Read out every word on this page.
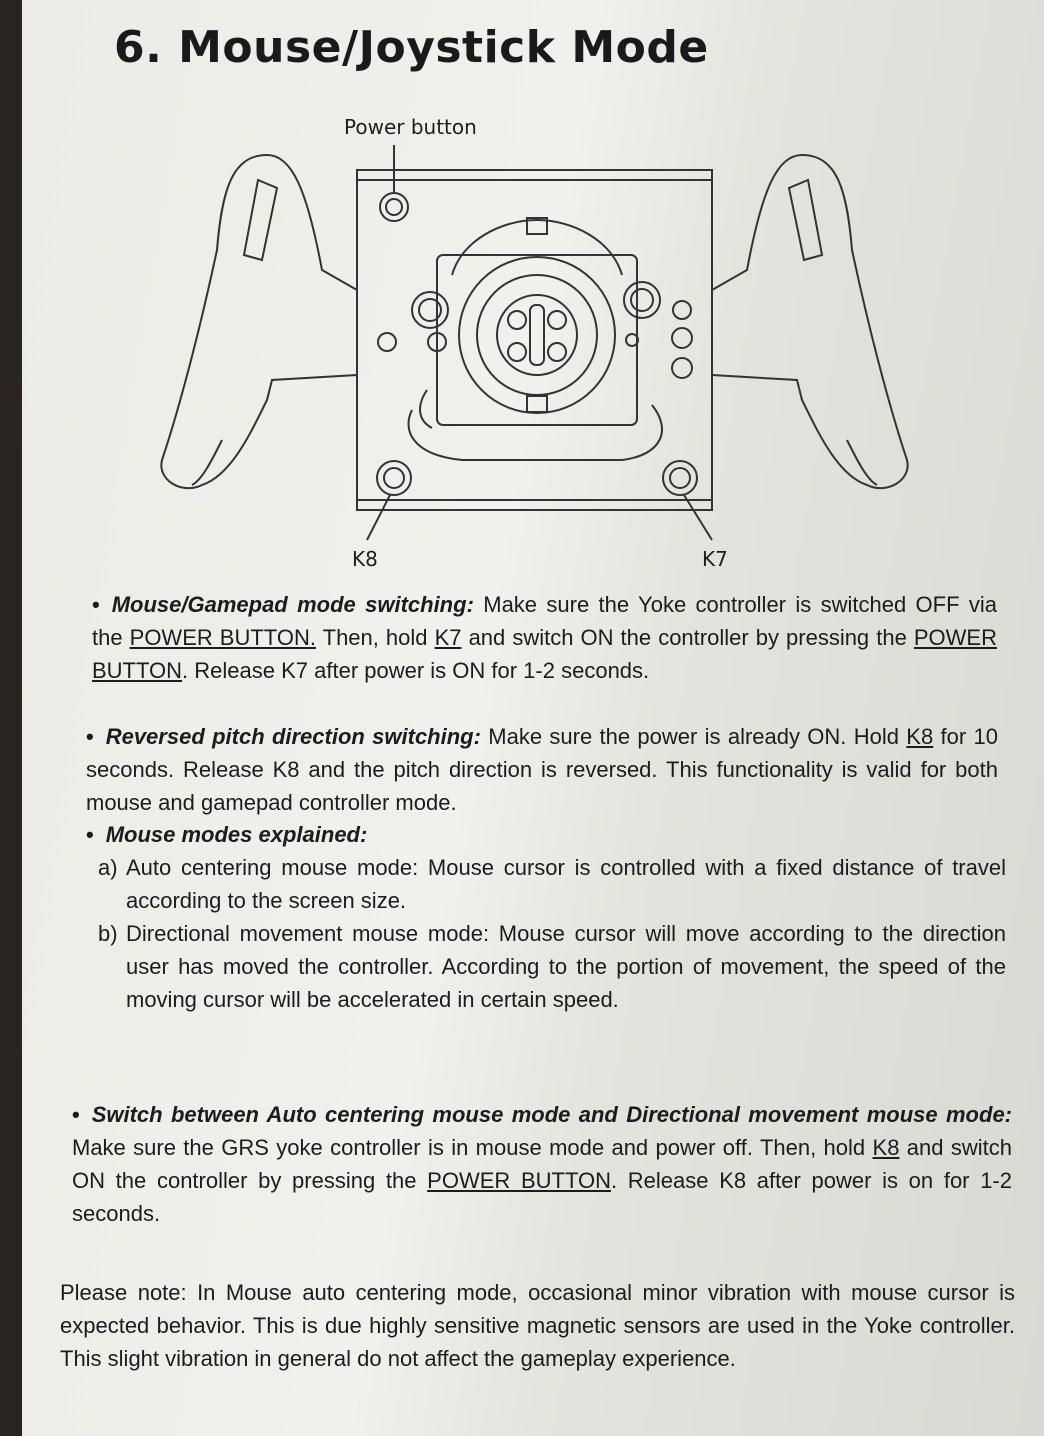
6. Mouse/Joystick Mode
Power button
K8	K7
• Mouse/Gamepad mode switching: Make sure the Yoke controller is switched OFF via the POWER BUTTON. Then, hold K7 and switch ON the controller by pressing the POWER BUTTON. Release K7 after power is ON for 1-2 seconds.
• Reversed pitch direction switching: Make sure the power is already ON. Hold K8 for 10 seconds. Release K8 and the pitch direction is reversed. This functionality is valid for both mouse and gamepad controller mode.
• Mouse modes explained:
a) Auto centering mouse mode: Mouse cursor is controlled with a fixed distance of travel according to the screen size.
b) Directional movement mouse mode: Mouse cursor will move according to the direction user has moved the controller. According to the portion of movement, the speed of the moving cursor will be accelerated in certain speed.
• Switch between Auto centering mouse mode and Directional movement mouse mode: Make sure the GRS yoke controller is in mouse mode and power off. Then, hold K8 and switch ON the controller by pressing the POWER BUTTON. Release K8 after power is on for 1-2 seconds.
Please note: In Mouse auto centering mode, occasional minor vibration with mouse cursor is expected behavior. This is due highly sensitive magnetic sensors are used in the Yoke controller. This slight vibration in general do not affect the gameplay experience.
